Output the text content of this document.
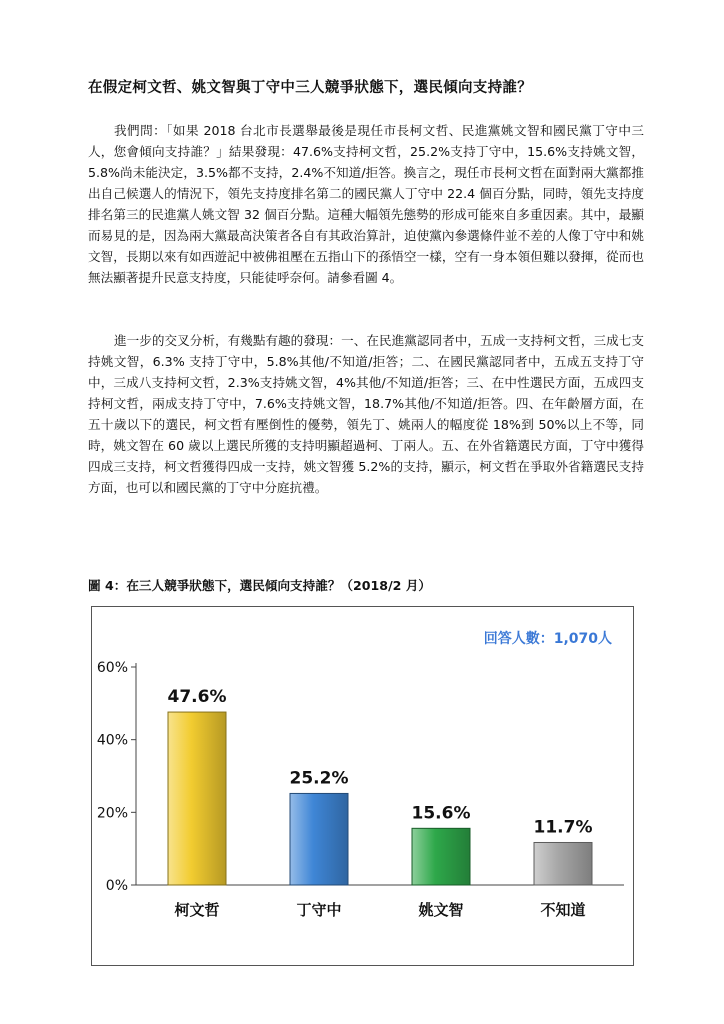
在假定柯文哲、姚文智與丁守中三人競爭狀態下，選民傾向支持誰？

我們問：「如果 2018 台北市長選舉最後是現任市長柯文哲、民進黨姚文智和國民黨丁守中三人，您會傾向支持誰？」結果發現：47.6%支持柯文哲，25.2%支持丁守中，15.6%支持姚文智，5.8%尚未能決定，3.5%都不支持，2.4%不知道/拒答。換言之，現任市長柯文哲在面對兩大黨都推出自己候選人的情況下，領先支持度排名第二的國民黨人丁守中 22.4 個百分點，同時，領先支持度排名第三的民進黨人姚文智 32 個百分點。這種大幅領先態勢的形成可能來自多重因素。其中，最顯而易見的是，因為兩大黨最高決策者各自有其政治算計，迫使黨內參選條件並不差的人像丁守中和姚文智，長期以來有如西遊記中被佛祖壓在五指山下的孫悟空一樣，空有一身本領但難以發揮，從而也無法顯著提升民意支持度，只能徒呼奈何。請參看圖 4。

進一步的交叉分析，有幾點有趣的發現：一、在民進黨認同者中，五成一支持柯文哲，三成七支持姚文智，6.3% 支持丁守中，5.8%其他/不知道/拒答；二、在國民黨認同者中，五成五支持丁守中，三成八支持柯文哲，2.3%支持姚文智，4%其他/不知道/拒答；三、在中性選民方面，五成四支持柯文哲，兩成支持丁守中，7.6%支持姚文智，18.7%其他/不知道/拒答。四、在年齡層方面，在五十歲以下的選民，柯文哲有壓倒性的優勢，領先丁、姚兩人的幅度從 18%到 50%以上不等，同時，姚文智在 60 歲以上選民所獲的支持明顯超過柯、丁兩人。五、在外省籍選民方面，丁守中獲得四成三支持，柯文哲獲得四成一支持，姚文智獲 5.2%的支持，顯示，柯文哲在爭取外省籍選民支持方面，也可以和國民黨的丁守中分庭抗禮。

圖 4：在三人競爭狀態下，選民傾向支持誰？（2018/2 月）
回答人數：1,070人
0%
20%
40%
60%
47.6%
柯文哲
25.2%
丁守中
15.6%
姚文智
11.7%
不知道
